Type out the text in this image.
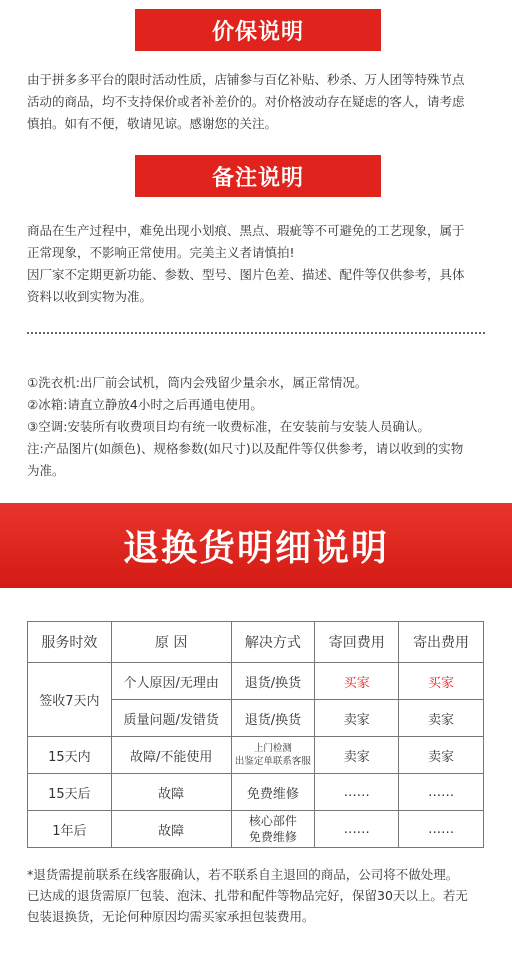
价保说明

由于拼多多平台的限时活动性质，店铺参与百亿补贴、秒杀、万人团等特殊节点

活动的商品，均不支持保价或者补差价的。对价格波动存在疑虑的客人，请考虑

慎拍。如有不便，敬请见谅。感谢您的关注。

备注说明

商品在生产过程中，难免出现小划痕、黑点、瑕疵等不可避免的工艺现象，属于

正常现象，不影响正常使用。完美主义者请慎拍!

因厂家不定期更新功能、参数、型号、图片色差、描述、配件等仅供参考，具体

资料以收到实物为准。

①洗衣机:出厂前会试机，筒内会残留少量余水，属正常情况。

②冰箱:请直立静放4小时之后再通电使用。

③空调:安装所有收费项目均有统一收费标准，在安装前与安装人员确认。

注:产品图片(如颜色)、规格参数(如尺寸)以及配件等仅供参考，请以收到的实物

为准。

退换货明细说明
服务时效	原 因	解决方式	寄回费用	寄出费用
签收7天内	个人原因/无理由	退货/换货	买家	买家
	质量问题/发错货	退货/换货	卖家	卖家
15天内	故障/不能使用	上门检测
出鉴定单联系客服	卖家	卖家
15天后	故障	免费维修	……	……
1年后	故障	核心部件
免费维修	……	……

*退货需提前联系在线客服确认，若不联系自主退回的商品，公司将不做处理。

已达成的退货需原厂包装、泡沫、扎带和配件等物品完好，保留30天以上。若无

包装退换货，无论何种原因均需买家承担包装费用。
